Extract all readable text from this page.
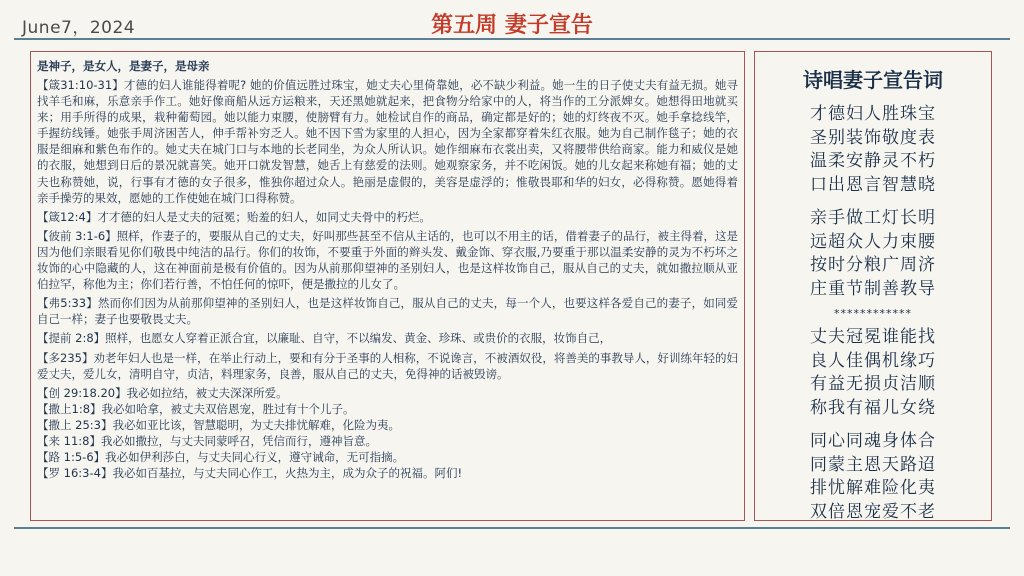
June7，2024	第五周 妻子宣告

是神子，是女人，是妻子，是母亲

【箴31:10-31】才德的妇人谁能得着呢? 她的价值远胜过珠宝，她丈夫心里倚靠她，必不缺少利益。她一生的日子使丈夫有益无损。她寻找羊毛和麻，乐意亲手作工。她好像商船从远方运粮来，天还黑她就起来，把食物分给家中的人，将当作的工分派婢女。她想得田地就买来；用手所得的成果，栽种葡萄园。她以能力束腰，使膀臂有力。她检试自作的商品，确定都是好的；她的灯终夜不灭。她手拿捻线竿，手握纺线锤。她张手周济困苦人，伸手帮补穷乏人。她不因下雪为家里的人担心，因为全家都穿着朱红衣服。她为自己制作毯子；她的衣服是细麻和紫色布作的。她丈夫在城门口与本地的长老同坐，为众人所认识。她作细麻布衣裳出卖，又将腰带供给商家。能力和威仪是她的衣服，她想到日后的景况就喜笑。她开口就发智慧，她舌上有慈爱的法则。她观察家务，并不吃闲饭。她的儿女起来称她有福；她的丈夫也称赞她，说，行事有才德的女子很多，惟独你超过众人。艳丽是虚假的，美容是虚浮的；惟敬畏耶和华的妇女，必得称赞。愿她得着亲手操劳的果效，愿她的工作使她在城门口得称赞。

【箴12:4】才才德的妇人是丈夫的冠冕；贻羞的妇人，如同丈夫骨中的朽烂。

【彼前 3:1-6】照样，作妻子的，要服从自己的丈夫，好叫那些甚至不信从主话的，也可以不用主的话，借着妻子的品行，被主得着，这是因为他们亲眼看见你们敬畏中纯洁的品行。你们的妆饰，不要重于外面的辫头发、戴金饰、穿衣服,乃要重于那以温柔安静的灵为不朽坏之妆饰的心中隐藏的人，这在神面前是极有价值的。因为从前那仰望神的圣别妇人，也是这样妆饰自己，服从自己的丈夫，就如撒拉顺从亚伯拉罕，称他为主；你们若行善，不怕任何的惊吓，便是撒拉的儿女了。

【弗5:33】然而你们因为从前那仰望神的圣别妇人，也是这样妆饰自己，服从自己的丈夫，每一个人，也要这样各爱自己的妻子，如同爱自己一样；妻子也要敬畏丈夫。

【提前 2:8】照样，也愿女人穿着正派合宜，以廉耻、自守，不以编发、黄金、珍珠、或贵价的衣服，妆饰自己，

【多235】劝老年妇人也是一样，在举止行动上，要和有分于圣事的人相称，不说谗言，不被酒奴役，将善美的事教导人，好训练年轻的妇爱丈夫，爱儿女，清明自守，贞洁，料理家务，良善，服从自己的丈夫，免得神的话被毁谤。

【创 29:18.20】我必如拉结，被丈夫深深所爱。

【撒上1:8】我必如哈拿，被丈夫双倍恩宠，胜过有十个儿子。

【撒上 25:3】我必如亚比该，智慧聪明，为丈夫排忧解难，化险为夷。

【来 11:8】我必如撒拉，与丈夫同蒙呼召，凭信而行，遵神旨意。

【路 1:5-6】我必如伊利莎白，与丈夫同心行义，遵守诫命，无可指摘。

【罗 16:3-4】我必如百基拉，与丈夫同心作工，火热为主，成为众子的祝福。阿们!

诗唱妻子宣告词
才德妇人胜珠宝
圣别装饰敬度表
温柔安静灵不朽
口出恩言智慧晓
亲手做工灯长明
远超众人力束腰
按时分粮广周济
庄重节制善教导
************
丈夫冠冕谁能找
良人佳偶机缘巧
有益无损贞洁顺
称我有福儿女绕
同心同魂身体合
同蒙主恩天路迢
排忧解难险化夷
双倍恩宠爱不老
